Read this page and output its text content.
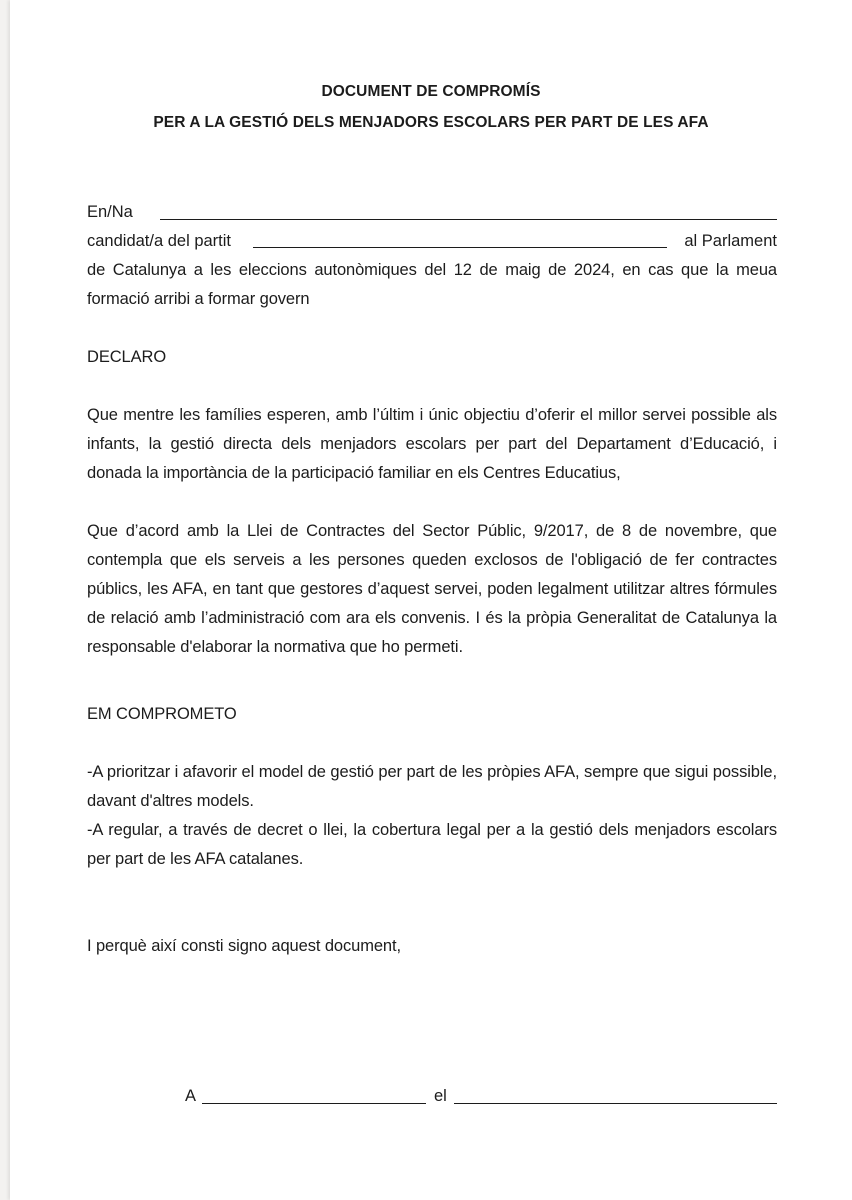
DOCUMENT DE COMPROMÍS
PER A LA GESTIÓ DELS MENJADORS ESCOLARS PER PART DE LES AFA
En/Na
candidat/a del partit	al Parlament
de Catalunya a les eleccions autonòmiques del 12 de maig de 2024, en cas que la meua formació arribi a formar govern
DECLARO
Que mentre les famílies esperen, amb l’últim i únic objectiu d’oferir el millor servei possible als infants, la gestió directa dels menjadors escolars per part del Departament d’Educació, i donada la importància de la participació familiar en els Centres Educatius,
Que d’acord amb la Llei de Contractes del Sector Públic, 9/2017, de 8 de novembre, que contempla que els serveis a les persones queden exclosos de l'obligació de fer contractes públics, les AFA, en tant que gestores d’aquest servei, poden legalment utilitzar altres fórmules de relació amb l’administració com ara els convenis. I és la pròpia Generalitat de Catalunya la responsable d'elaborar la normativa que ho permeti.
EM COMPROMETO
-A prioritzar i afavorir el model de gestió per part de les pròpies AFA, sempre que sigui possible, davant d'altres models.
-A regular, a través de decret o llei, la cobertura legal per a la gestió dels menjadors escolars per part de les AFA catalanes.
I perquè així consti signo aquest document,
A	el
